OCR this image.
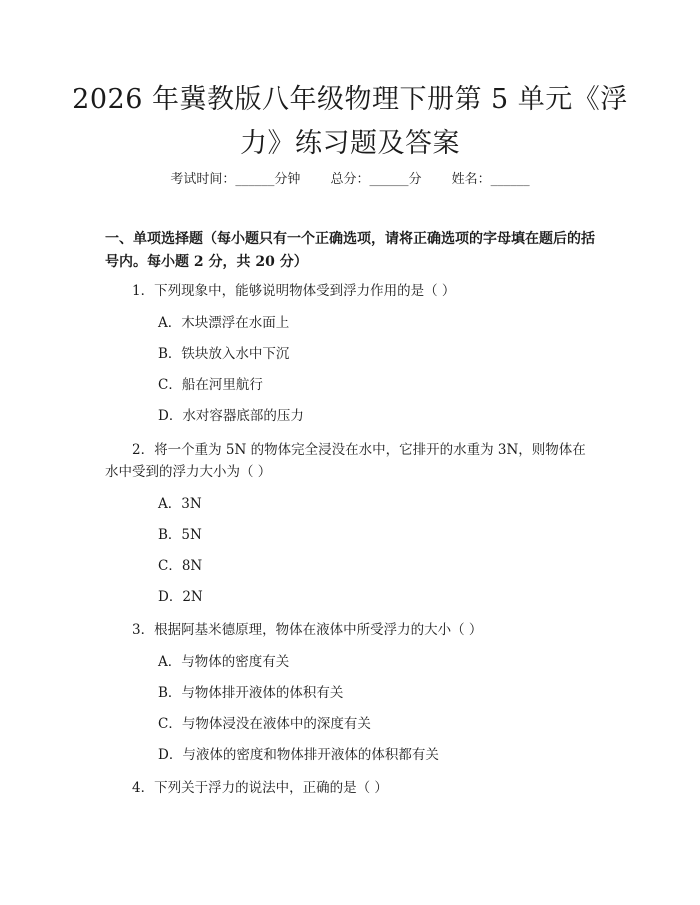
2026 年冀教版八年级物理下册第 5 单元《浮力》练习题及答案
考试时间：______分钟 总分：______分 姓名：______
一、单项选择题（每小题只有一个正确选项，请将正确选项的字母填在题后的括号内。每小题 2 分，共 20 分）
1．下列现象中，能够说明物体受到浮力作用的是（ ）
A．木块漂浮在水面上
B．铁块放入水中下沉
C．船在河里航行
D．水对容器底部的压力
2．将一个重为 5N 的物体完全浸没在水中，它排开的水重为 3N，则物体在水中受到的浮力大小为（ ）
A．3N
B．5N
C．8N
D．2N
3．根据阿基米德原理，物体在液体中所受浮力的大小（ ）
A．与物体的密度有关
B．与物体排开液体的体积有关
C．与物体浸没在液体中的深度有关
D．与液体的密度和物体排开液体的体积都有关
4．下列关于浮力的说法中，正确的是（ ）
